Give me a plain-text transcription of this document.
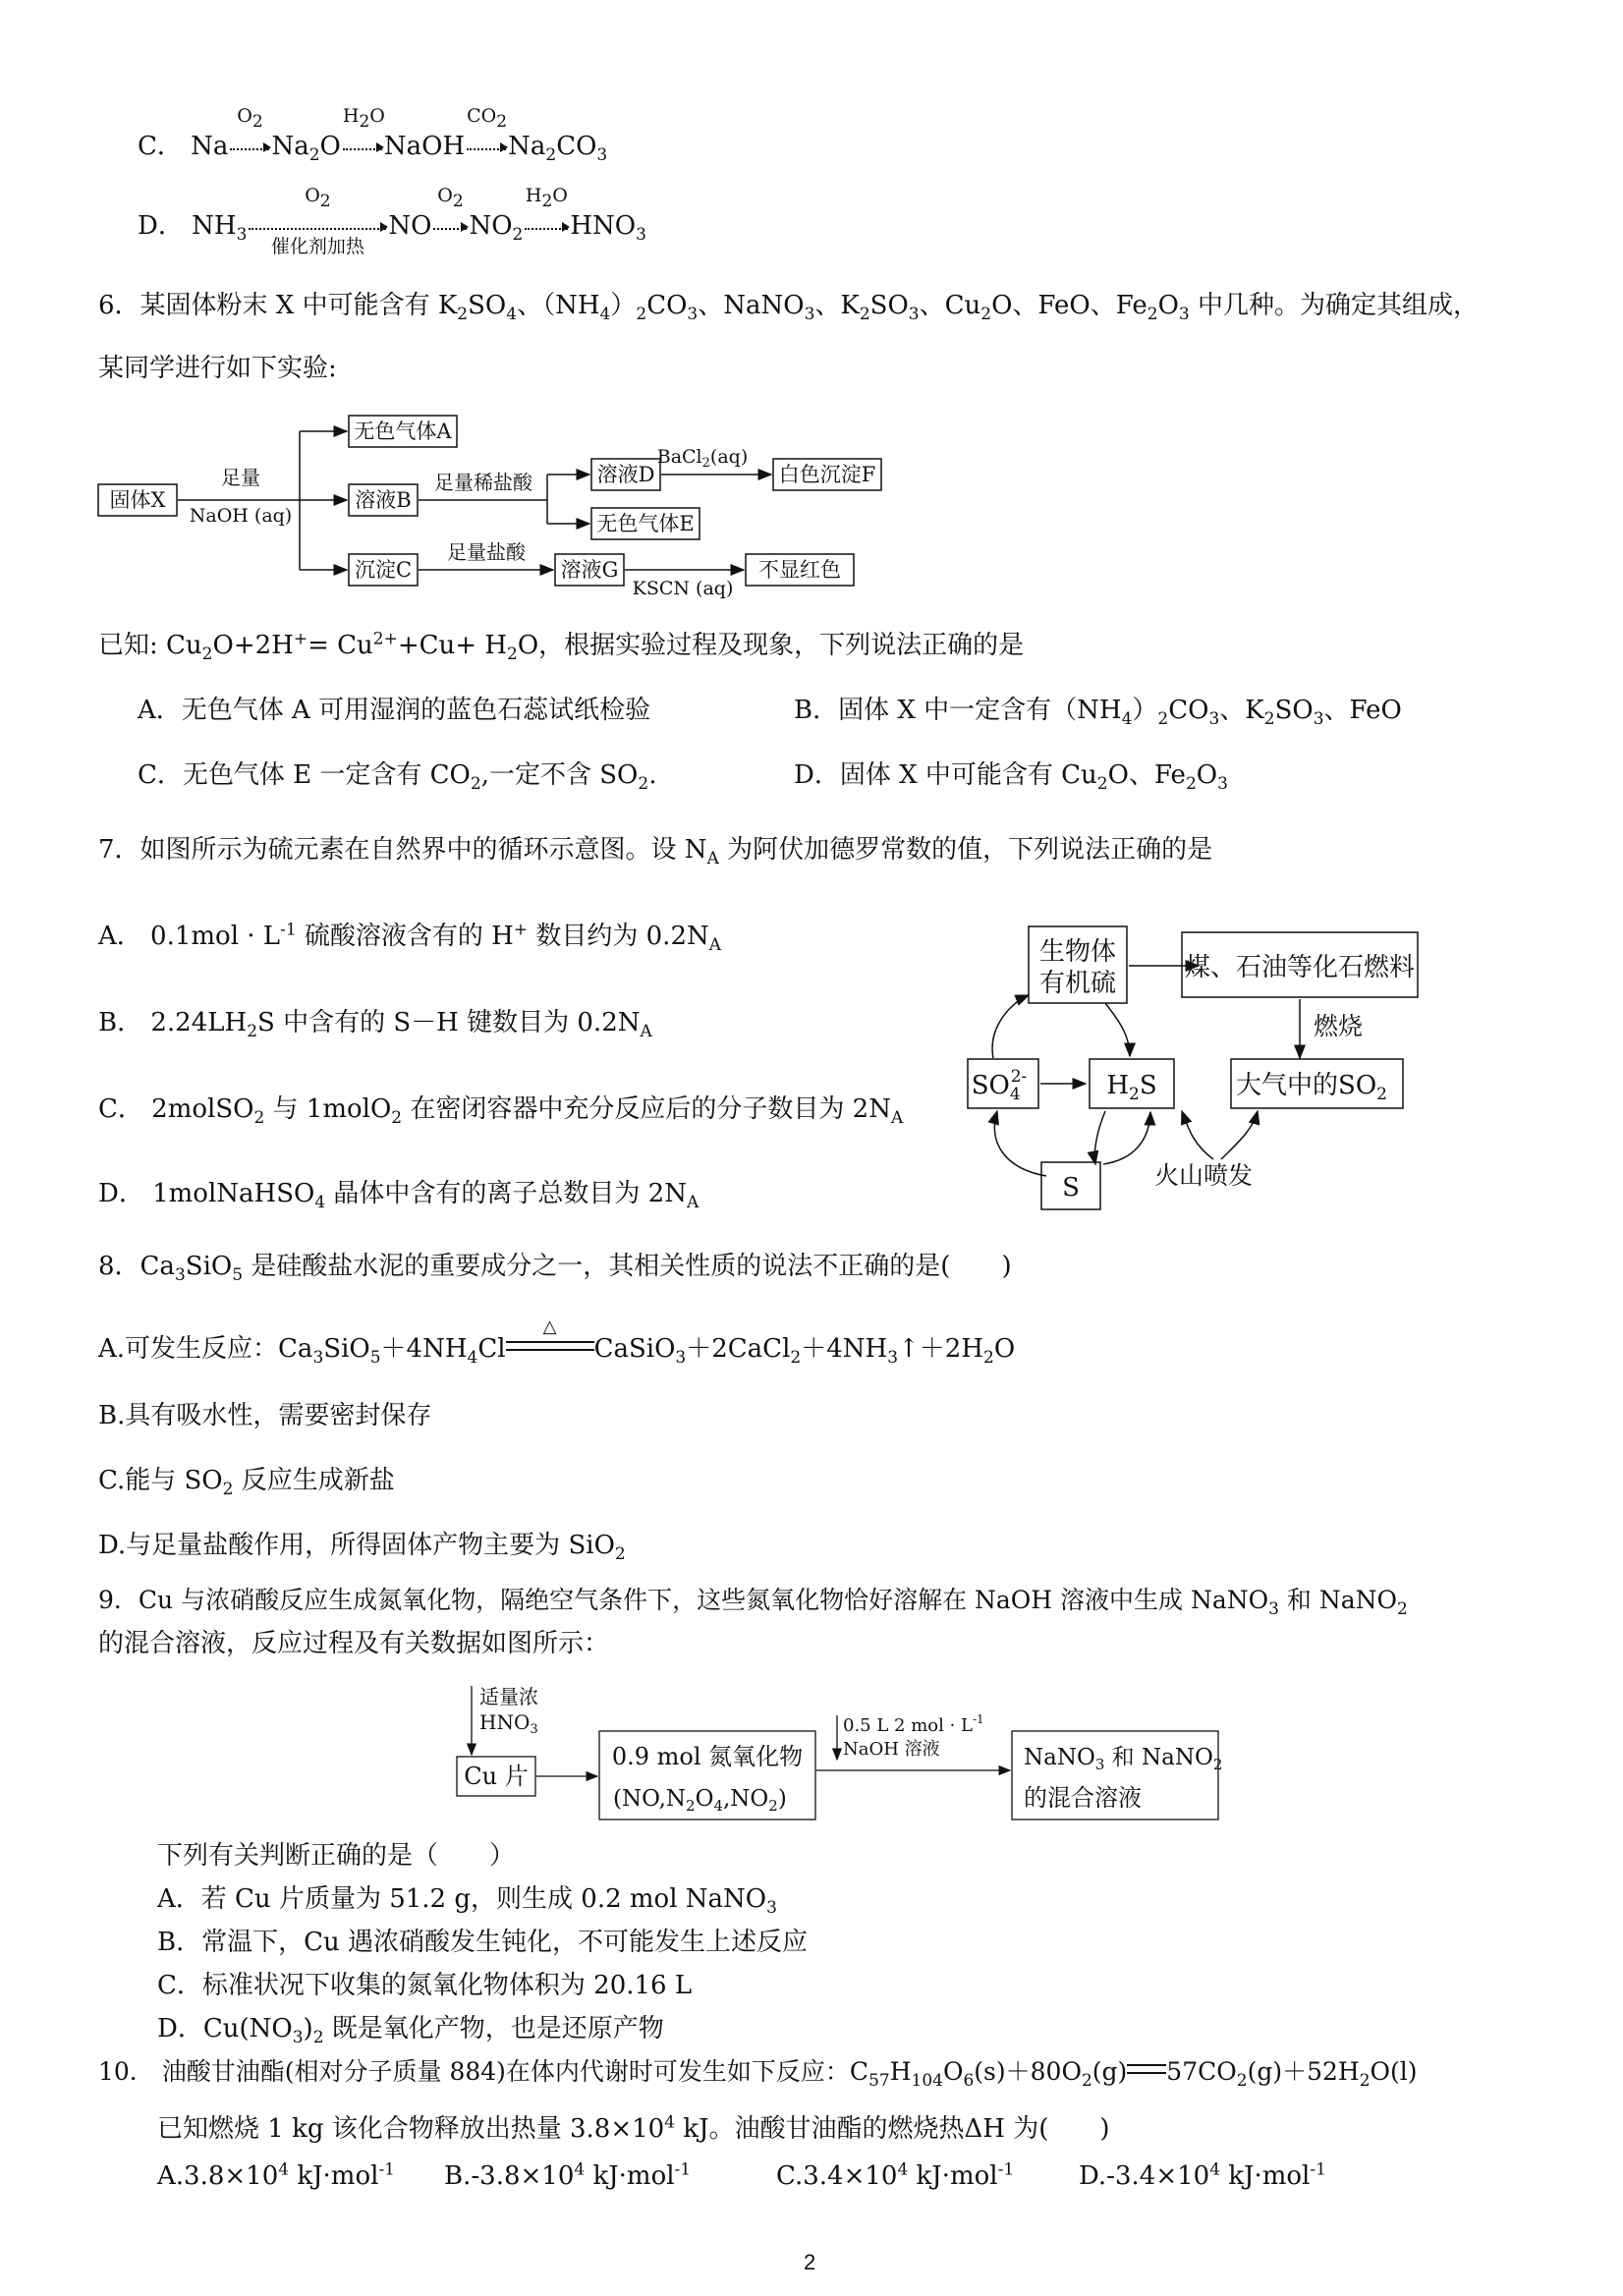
C． Na
$O_2$
$Na_2O$
$H_2O$
NaOH
$CO_2$
$Na_2CO_3$
D． $NH_3$
$O_2$
催化剂加热
NO
$O_2$
$NO_2$
$H_2O$
$HNO_3$
6．某固体粉末 X 中可能含有 $K_2SO_4$、$(NH_4)_2CO_3$、NaNO$_3$、$K_2SO_3$、$Cu_2O$、FeO、$Fe_2O_3$ 中几种。为确定其组成，
某同学进行如下实验:
固体X
足量
NaOH (aq)
无色气体A
溶液B
足量稀盐酸	溶液D
BaCl$_2$(aq)
白色沉淀F
无色气体E
沉淀C
足量盐酸
溶液G
KSCN (aq)
不显红色
已知: $Cu_2O+2H^+= Cu^{2+}+Cu+ H_2O$，根据实验过程及现象，下列说法正确的是
A．无色气体 A 可用湿润的蓝色石蕊试纸检验	B．固体 X 中一定含有$(NH_4)_2CO_3$、$K_2SO_3$、FeO
C．无色气体 E 一定含有 $CO_2$,一定不含 $SO_2$.	D．固体 X 中可能含有 $Cu_2O$、$Fe_2O_3$
7．如图所示为硫元素在自然界中的循环示意图。设 $N_A$ 为阿伏加德罗常数的值，下列说法正确的是
A． $0.1mol \cdot L^{-1}$ 硫酸溶液含有的 H+ 数目约为 $0.2N_A$
B． $2.24LH_2S$ 中含有的 S－H 键数目为 $0.2N_A$
C． 2molSO$_2$ 与 1molO$_2$ 在密闭容器中充分反应后的分子数目为 $2N_A$
D． 1molNaHSO$_4$ 晶体中含有的离子总数目为 $2N_A$
生物体
有机硫
煤、石油等化石燃料
燃烧
$SO_42-$	$H_2S$	大气中的$SO_2$
S	火山喷发
8．$Ca_3SiO_5$ 是硅酸盐水泥的重要成分之一，其相关性质的说法不正确的是(　　)
A.可发生反应：$Ca_3SiO_5+4NH_4Cl$
△
$CaSiO_3+2CaCl_2+4NH_3↑+2H_2O$
B.具有吸水性，需要密封保存
C.能与 $SO_2$ 反应生成新盐
D.与足量盐酸作用，所得固体产物主要为 SiO$_2$
9．Cu 与浓硝酸反应生成氮氧化物，隔绝空气条件下，这些氮氧化物恰好溶解在 NaOH 溶液中生成 NaNO$_3$ 和 NaNO$_2$
的混合溶液，反应过程及有关数据如图所示：
适量浓
$HNO_3$
Cu 片
0.9 mol 氮氧化物
$(NO,N_2O_4,NO_2)$
0.5 L 2 mol · $L^{-1}$
NaOH 溶液	NaNO$_3$ 和 NaNO$_2$
的混合溶液
下列有关判断正确的是（　　）
A．若 Cu 片质量为 51.2 g，则生成 0.2 mol NaNO$_3$
B．常温下，Cu 遇浓硝酸发生钝化，不可能发生上述反应
C．标准状况下收集的氮氧化物体积为 20.16 L
D．$Cu(NO_3)_2$ 既是氧化产物，也是还原产物
10． 油酸甘油酯(相对分子质量 884)在体内代谢时可发生如下反应：$C_{57}H_{104}O_6(s)+80O_2(g)$ $57CO_2(g)+52H_2O(l)$
已知燃烧 1 kg 该化合物释放出热量 $3.8\times 10^4$ kJ。油酸甘油酯的燃烧热ΔH 为(　　)
$A.3.8\times 10^4$ kJ·mol$^{-1}$ $B.-3.8\times 10^4$ kJ·mol$^{-1}$	$C.3.4\times 10^4$ kJ·mol$^{-1}$	$D.-3.4\times 10^4$ kJ·mol$^{-1}$
2
